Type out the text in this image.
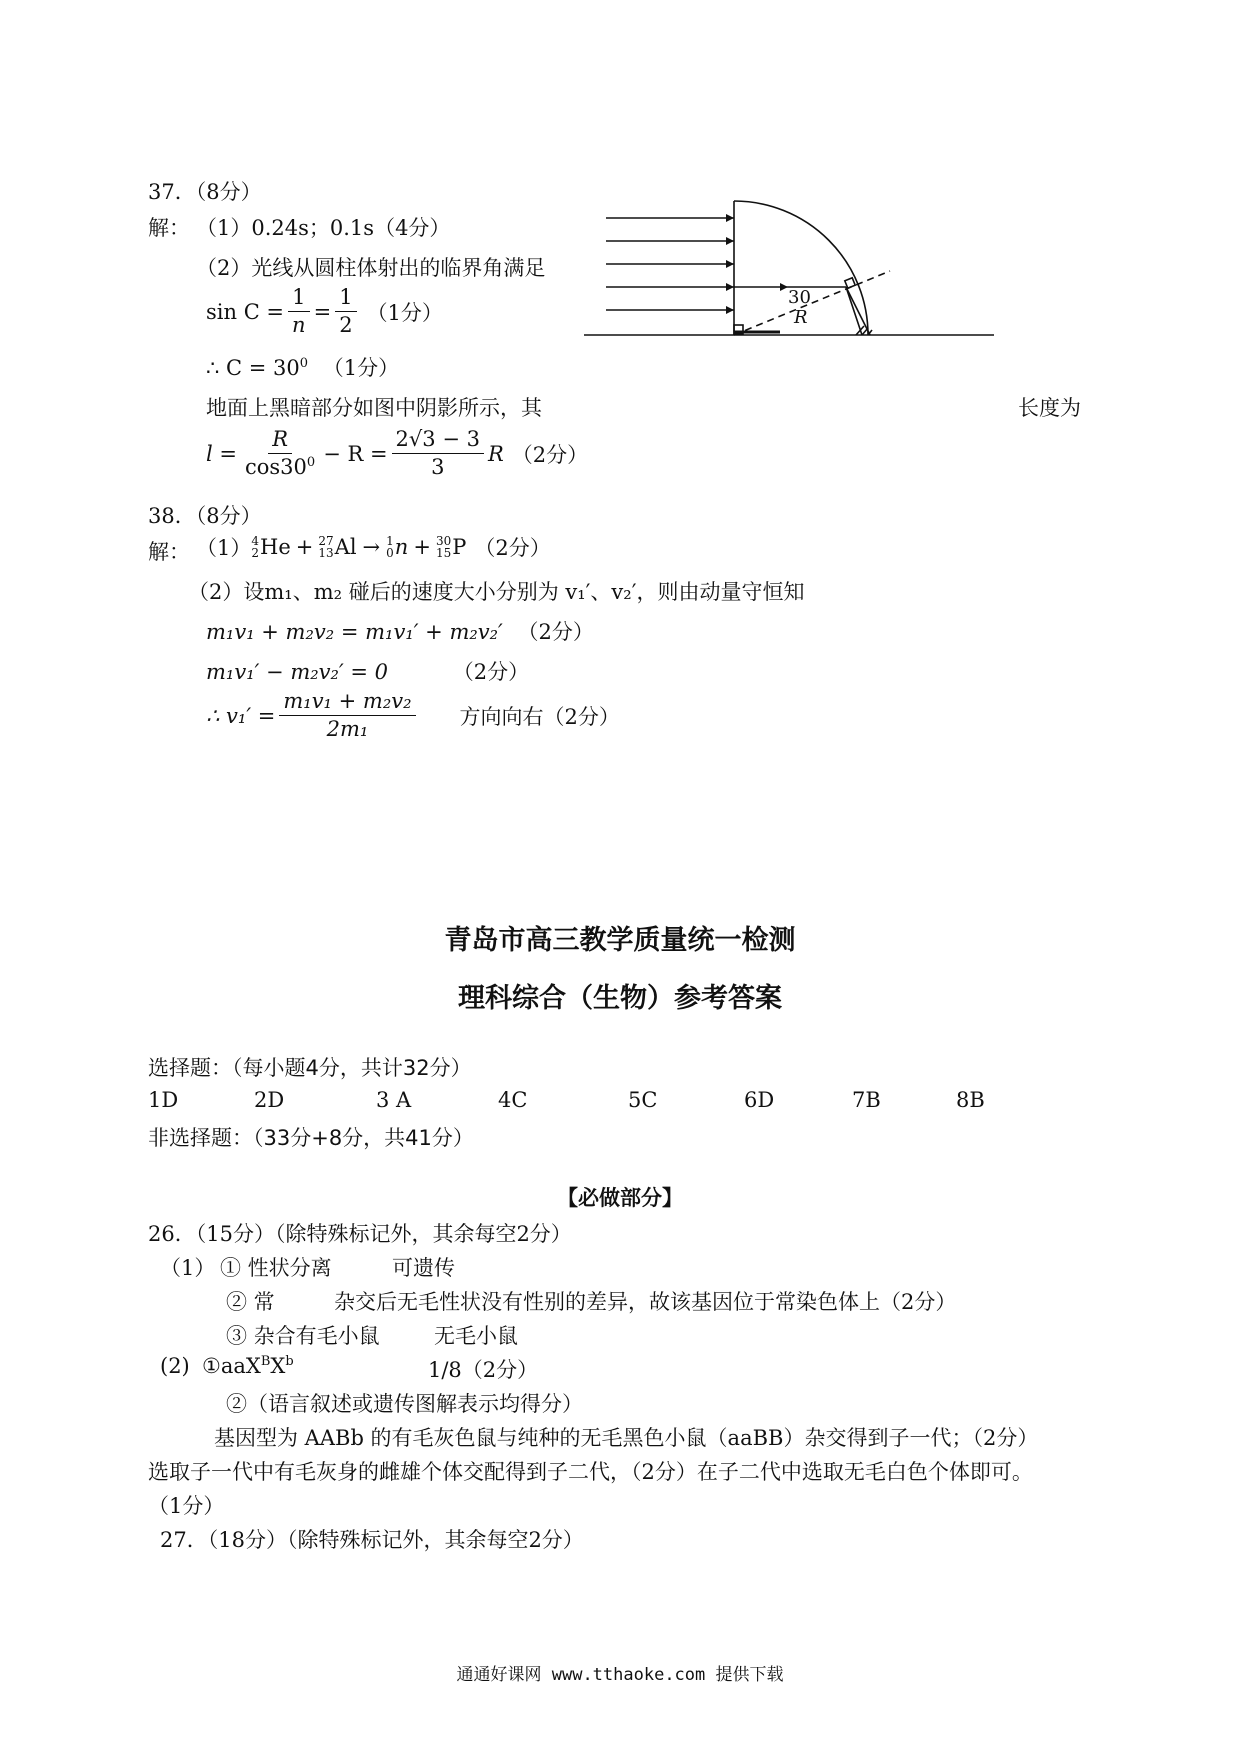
37．（8分）
解： （1）0.24s；0.1s（4分）
（2）光线从圆柱体射出的临界角满足
$\sin C = \frac{1}{n} = \frac{1}{2} (1$分）
∴ $C = 30^0$ （1分）
地面上黑暗部分如图中阴影所示，其	长度为
$l = \frac{R}{\cos 30^0} - R = \frac{2√3 - 3}{3}$ R （2分）
30
R
38．（8分）
解： （1） 4
2 He + 27
13 Al → 1
0 n + 30
15 P （2分）
（2）设m₁、m₂ 碰后的速度大小分别为 v₁′、v₂′，则由动量守恒知
m₁v₁ + m₂v₂ = m₁v₁′ + m₂v₂′ （2分）
m₁v₁′ − m₂v₂′ = 0	（2分）
∴ $v_1' = \frac{\text{m₁v₁ + m₂v₂}}{\text{2m₁}}$ 方向向右（2分）
青岛市高三教学质量统一检测
理科综合（生物）参考答案
选择题：（每小题4分，共计32分）
1D	2D	3 A	4C	5C	6D	7B	8B
非选择题：（33分+8分，共41分）
【必做部分】
26．（15分）（除特殊标记外，其余每空2分）
（1） ① 性状分离	可遗传
② 常	杂交后无毛性状没有性别的差异，故该基因位于常染色体上（2分）
③ 杂合有毛小鼠	无毛小鼠
(2) $①aaX^BX^b$	1/8（2分）
②（语言叙述或遗传图解表示均得分）
基因型为 AABb 的有毛灰色鼠与纯种的无毛黑色小鼠（aaBB）杂交得到子一代；（2分）
选取子一代中有毛灰身的雌雄个体交配得到子二代，（2分）在子二代中选取无毛白色个体即可。
（1分）
27．（18分）（除特殊标记外，其余每空2分）
通通好课网 www.tthaoke.com 提供下载
